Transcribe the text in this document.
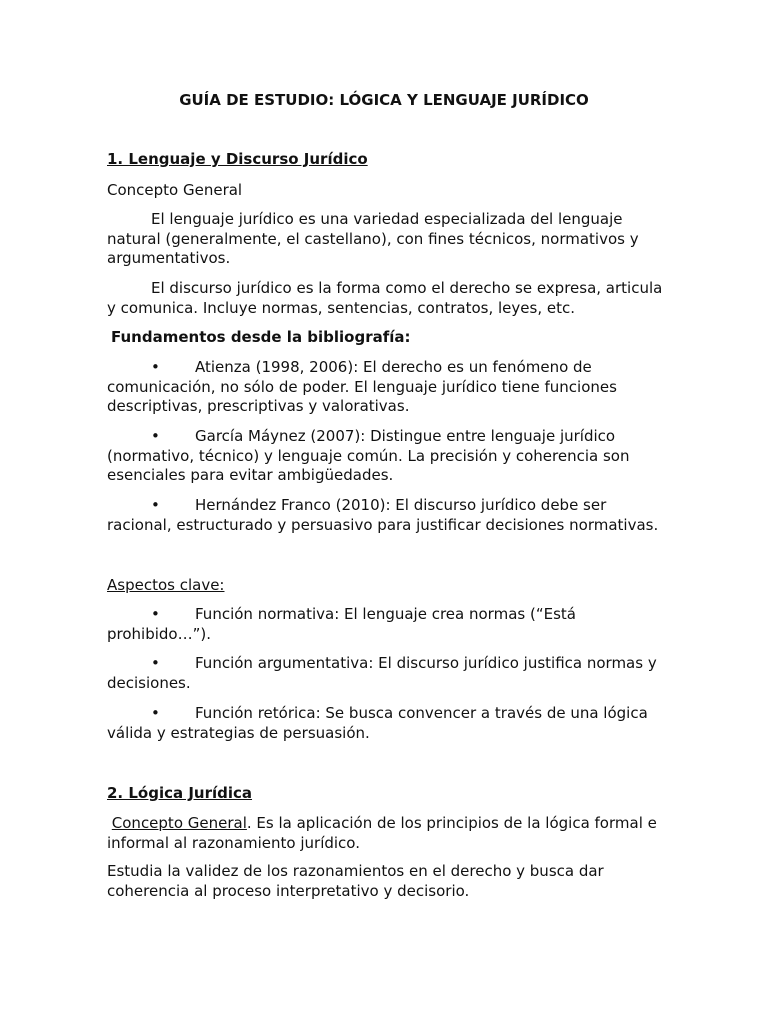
GUÍA DE ESTUDIO: LÓGICA Y LENGUAJE JURÍDICO
1. Lenguaje y Discurso Jurídico
Concepto General

El lenguaje jurídico es una variedad especializada del lenguaje natural (generalmente, el castellano), con fines técnicos, normativos y argumentativos.

El discurso jurídico es la forma como el derecho se expresa, articula y comunica. Incluye normas, sentencias, contratos, leyes, etc.

Fundamentos desde la bibliografía:

• Atienza (1998, 2006): El derecho es un fenómeno de comunicación, no sólo de poder. El lenguaje jurídico tiene funciones descriptivas, prescriptivas y valorativas.

• García Máynez (2007): Distingue entre lenguaje jurídico (normativo, técnico) y lenguaje común. La precisión y coherencia son esenciales para evitar ambigüedades.

• Hernández Franco (2010): El discurso jurídico debe ser racional, estructurado y persuasivo para justificar decisiones normativas.

Aspectos clave:

• Función normativa: El lenguaje crea normas (“Está prohibido…”).

• Función argumentativa: El discurso jurídico justifica normas y decisiones.

• Función retórica: Se busca convencer a través de una lógica válida y estrategias de persuasión.

2. Lógica Jurídica

Concepto General. Es la aplicación de los principios de la lógica formal e informal al razonamiento jurídico.

Estudia la validez de los razonamientos en el derecho y busca dar coherencia al proceso interpretativo y decisorio.
